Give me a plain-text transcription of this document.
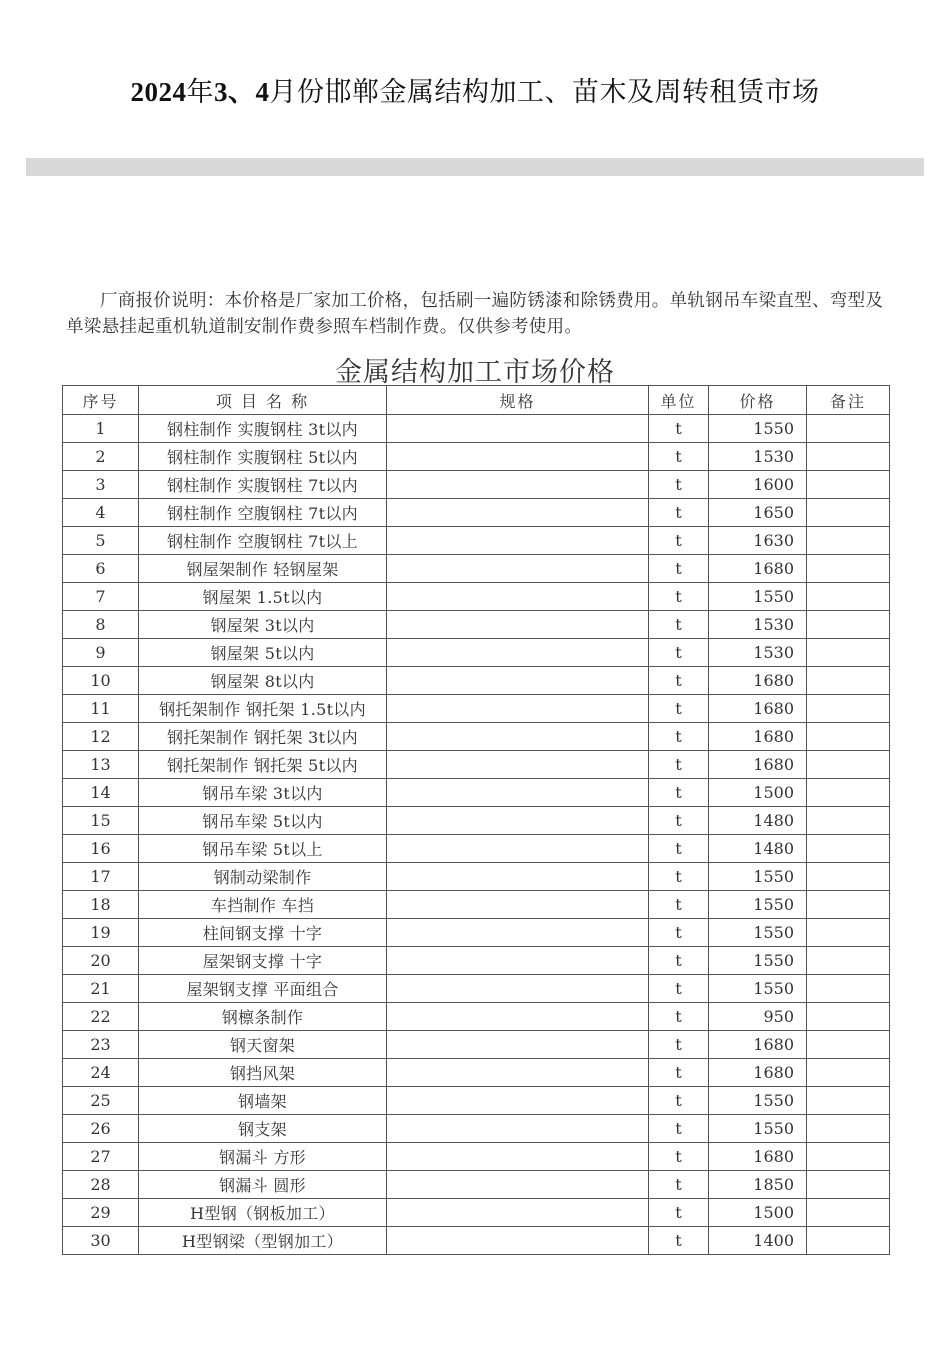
2024年3、4月份邯郸金属结构加工、苗木及周转租赁市场
厂商报价说明：本价格是厂家加工价格，包括刷一遍防锈漆和除锈费用。单轨钢吊车梁直型、弯型及单梁悬挂起重机轨道制安制作费参照车档制作费。仅供参考使用。
金属结构加工市场价格
序号	项 目 名 称	规格	单位	价格	备注
1	钢柱制作 实腹钢柱 3t以内		t	1550	
2	钢柱制作 实腹钢柱 5t以内		t	1530	
3	钢柱制作 实腹钢柱 7t以内		t	1600	
4	钢柱制作 空腹钢柱 7t以内		t	1650	
5	钢柱制作 空腹钢柱 7t以上		t	1630	
6	钢屋架制作 轻钢屋架		t	1680	
7	钢屋架 1.5t以内		t	1550	
8	钢屋架 3t以内		t	1530	
9	钢屋架 5t以内		t	1530	
10	钢屋架 8t以内		t	1680	
11	钢托架制作 钢托架 1.5t以内		t	1680	
12	钢托架制作 钢托架 3t以内		t	1680	
13	钢托架制作 钢托架 5t以内		t	1680	
14	钢吊车梁 3t以内		t	1500	
15	钢吊车梁 5t以内		t	1480	
16	钢吊车梁 5t以上		t	1480	
17	钢制动梁制作		t	1550	
18	车挡制作 车挡		t	1550	
19	柱间钢支撑 十字		t	1550	
20	屋架钢支撑 十字		t	1550	
21	屋架钢支撑 平面组合		t	1550	
22	钢檩条制作		t	950	
23	钢天窗架		t	1680	
24	钢挡风架		t	1680	
25	钢墙架		t	1550	
26	钢支架		t	1550	
27	钢漏斗 方形		t	1680	
28	钢漏斗 圆形		t	1850	
29	H型钢（钢板加工）		t	1500	
30	H型钢梁（型钢加工）		t	1400	
